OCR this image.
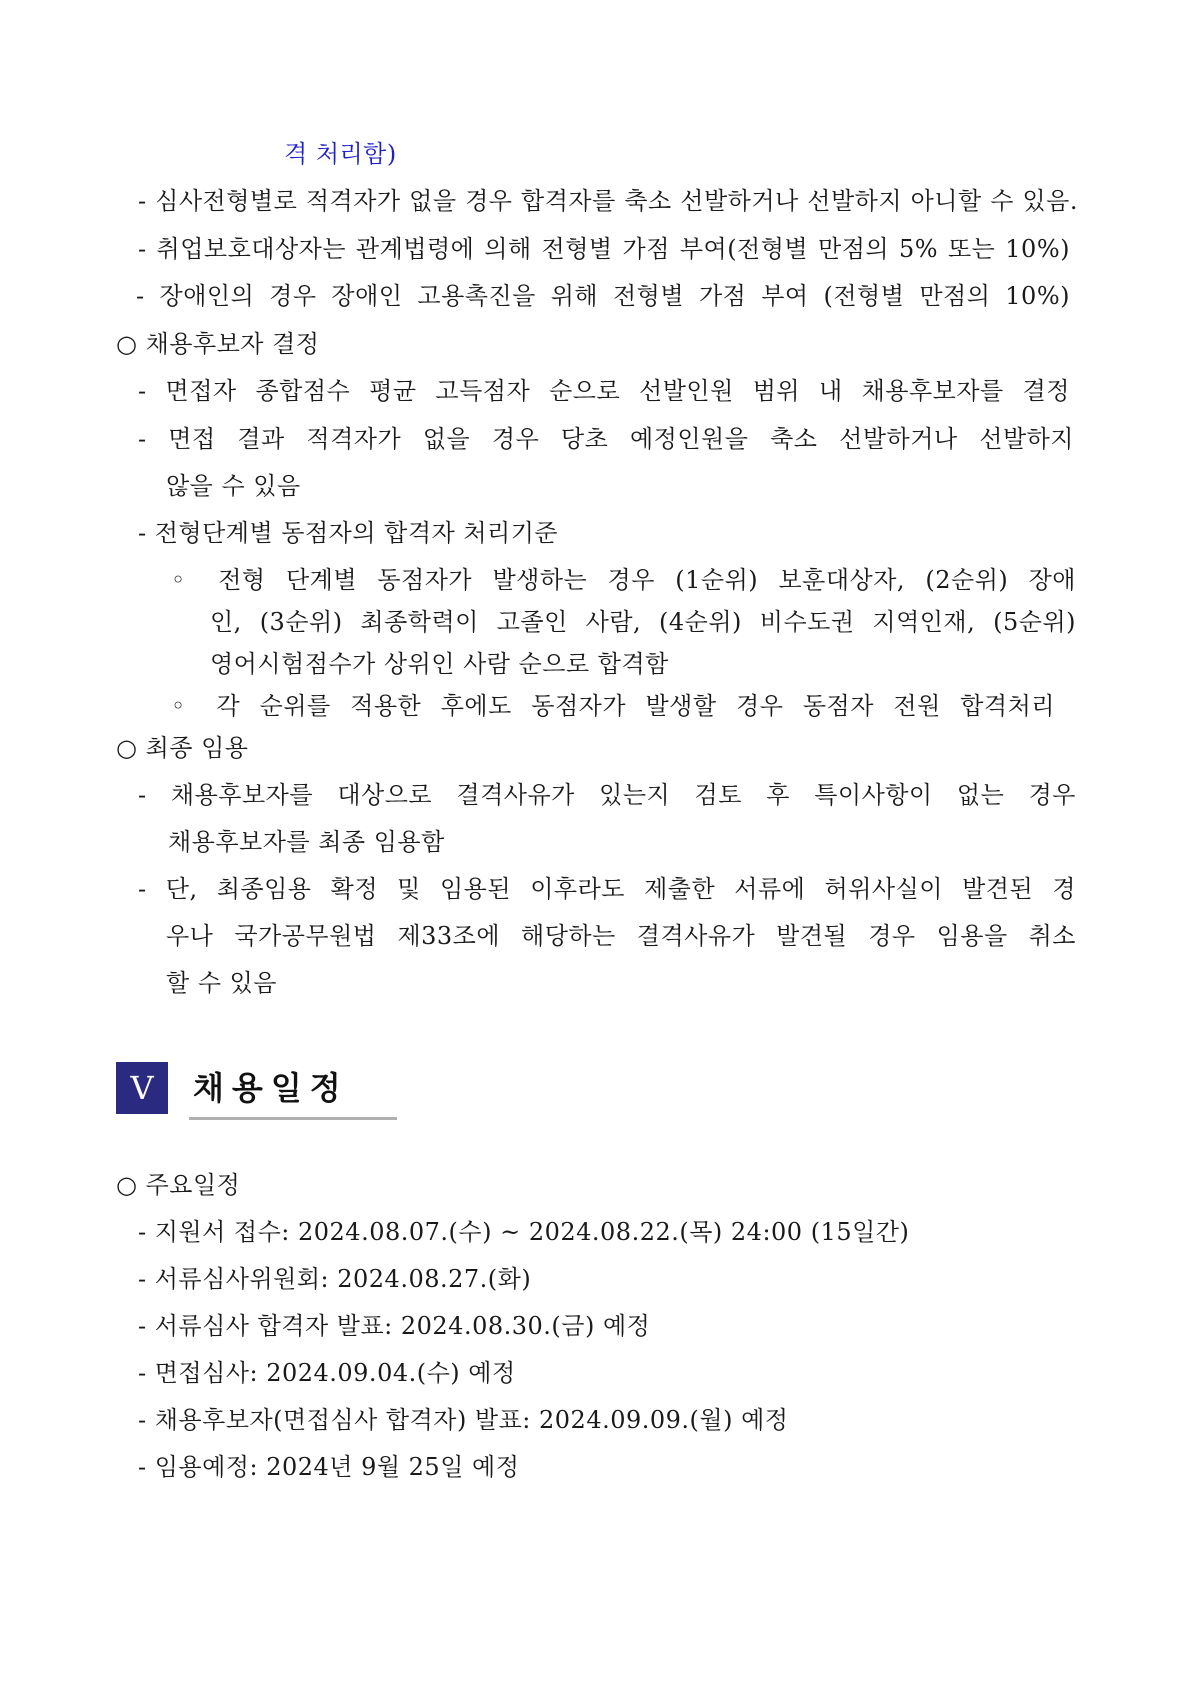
격 처리함)
- 심사전형별로 적격자가 없을 경우 합격자를 축소 선발하거나 선발하지 아니할 수 있음.
- 취업보호대상자는 관계법령에 의해 전형별 가점 부여(전형별 만점의 5% 또는 10%)
- 장애인의 경우 장애인 고용촉진을 위해 전형별 가점 부여 (전형별 만점의 10%)
○ 채용후보자 결정
- 면접자 종합점수 평균 고득점자 순으로 선발인원 범위 내 채용후보자를 결정
- 면접 결과 적격자가 없을 경우 당초 예정인원을 축소 선발하거나 선발하지
않을 수 있음
- 전형단계별 동점자의 합격자 처리기준
◦ 전형 단계별 동점자가 발생하는 경우 (1순위) 보훈대상자, (2순위) 장애
인, (3순위) 최종학력이 고졸인 사람, (4순위) 비수도권 지역인재, (5순위)
영어시험점수가 상위인 사람 순으로 합격함
◦ 각 순위를 적용한 후에도 동점자가 발생할 경우 동점자 전원 합격처리
○ 최종 임용
- 채용후보자를 대상으로 결격사유가 있는지 검토 후 특이사항이 없는 경우
채용후보자를 최종 임용함
- 단, 최종임용 확정 및 임용된 이후라도 제출한 서류에 허위사실이 발견된 경
우나 국가공무원법 제33조에 해당하는 결격사유가 발견될 경우 임용을 취소
할 수 있음
V	채용일정
○ 주요일정
- 지원서 접수: 2024.08.07.(수) ~ 2024.08.22.(목) 24:00 (15일간)
- 서류심사위원회: 2024.08.27.(화)
- 서류심사 합격자 발표: 2024.08.30.(금) 예정
- 면접심사: 2024.09.04.(수) 예정
- 채용후보자(면접심사 합격자) 발표: 2024.09.09.(월) 예정
- 임용예정: 2024년 9월 25일 예정
